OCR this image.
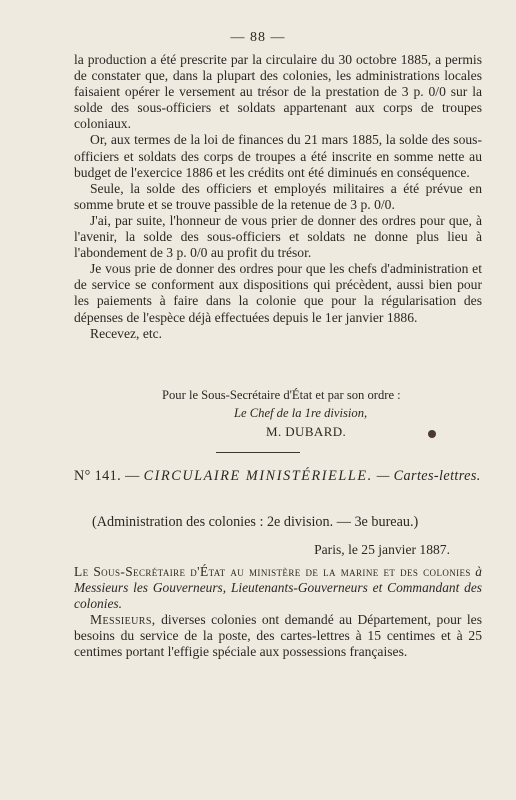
— 88 —

la production a été prescrite par la circulaire du 30 octobre 1885, a permis de constater que, dans la plupart des colonies, les administrations locales faisaient opérer le versement au trésor de la prestation de 3 p. 0/0 sur la solde des sous-officiers et soldats appartenant aux corps de troupes coloniaux.

Or, aux termes de la loi de finances du 21 mars 1885, la solde des sous-officiers et soldats des corps de troupes a été inscrite en somme nette au budget de l'exercice 1886 et les crédits ont été diminués en conséquence.

Seule, la solde des officiers et employés militaires a été prévue en somme brute et se trouve passible de la retenue de 3 p. 0/0.

J'ai, par suite, l'honneur de vous prier de donner des ordres pour que, à l'avenir, la solde des sous-officiers et soldats ne donne plus lieu à l'abondement de 3 p. 0/0 au profit du trésor.

Je vous prie de donner des ordres pour que les chefs d'administration et de service se conforment aux dispositions qui précèdent, aussi bien pour les paiements à faire dans la colonie que pour la régularisation des dépenses de l'espèce déjà effectuées depuis le 1er janvier 1886.

Recevez, etc.

Pour le Sous-Secrétaire d'État et par son ordre :
Le Chef de la 1re division,
M. DUBARD.
N° 141. — CIRCULAIRE MINISTÉRIELLE. — Cartes-lettres.
(Administration des colonies : 2e division. — 3e bureau.)
Paris, le 25 janvier 1887.

Le Sous-Secrétaire d'État au ministère de la marine et des colonies à Messieurs les Gouverneurs, Lieutenants-Gouverneurs et Commandant des colonies.

Messieurs, diverses colonies ont demandé au Département, pour les besoins du service de la poste, des cartes-lettres à 15 centimes et à 25 centimes portant l'effigie spéciale aux possessions françaises.
